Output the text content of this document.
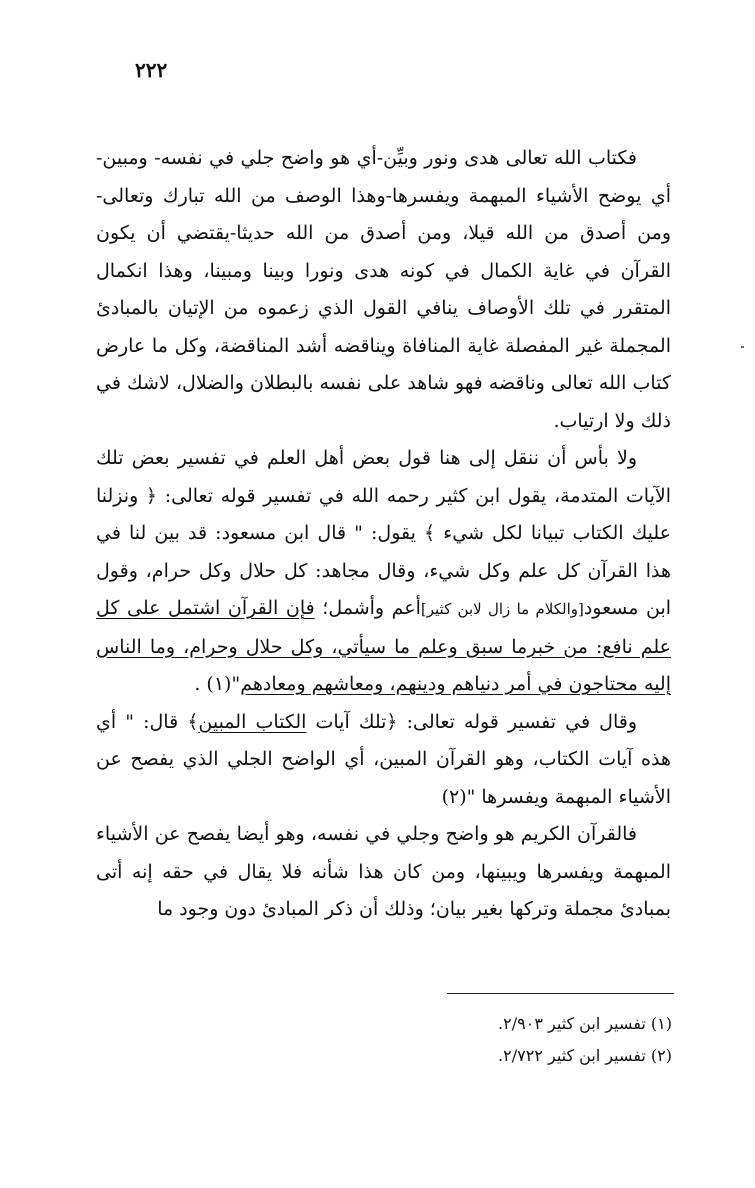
٢٢٢

فكتاب الله تعالى هدى ونور وبيِّن-أي هو واضح جلي في نفسه- ومبين-أي يوضح الأشياء المبهمة ويفسرها-وهذا الوصف من الله تبارك وتعالى-ومن أصدق من الله قيلا، ومن أصدق من الله حديثا-يقتضي أن يكون القرآن في غاية الكمال في كونه هدى ونورا وبينا ومبينا، وهذا انكمال المتقرر في تلك الأوصاف ينافي القول الذي زعموه من الإتيان بالمبادئ المجملة غير المفصلة غاية المنافاة ويناقضه أشد المناقضة، وكل ما عارض كتاب الله تعالى وناقضه فهو شاهد على نفسه بالبطلان والضلال، لاشك في ذلك ولا ارتياب.

ولا بأس أن ننقل إلى هنا قول بعض أهل العلم في تفسير بعض تلك الآيات المتدمة، يقول ابن كثير رحمه الله في تفسير قوله تعالى: ﴿ ونزلنا عليك الكتاب تبيانا لكل شيء ﴾ يقول: " قال ابن مسعود: قد بين لنا في هذا القرآن كل علم وكل شيء، وقال مجاهد: كل حلال وكل حرام، وقول ابن مسعود[والكلام ما زال لابن كثير]أعم وأشمل؛ فإن القرآن اشتمل على كل علم نافع: من خبرما سبق وعلم ما سيأتي، وكل حلال وحرام، وما الناس إليه محتاجون في أمر دنياهم ودينهم، ومعاشهم ومعادهم"(١) .

وقال في تفسير قوله تعالى: ﴿تلك آيات الكتاب المبين﴾ قال: " أي هذه آيات الكتاب، وهو القرآن المبين، أي الواضح الجلي الذي يفصح عن الأشياء المبهمة ويفسرها "(٢)

فالقرآن الكريم هو واضح وجلي في نفسه، وهو أيضا يفصح عن الأشياء المبهمة ويفسرها ويبينها، ومن كان هذا شأنه فلا يقال في حقه إنه أتى بمبادئ مجملة وتركها بغير بيان؛ وذلك أن ذكر المبادئ دون وجود ما

(١) تفسير ابن كثير ٢/٩٠٣.

(٢) تفسير ابن كثير ٢/٧٢٢.
